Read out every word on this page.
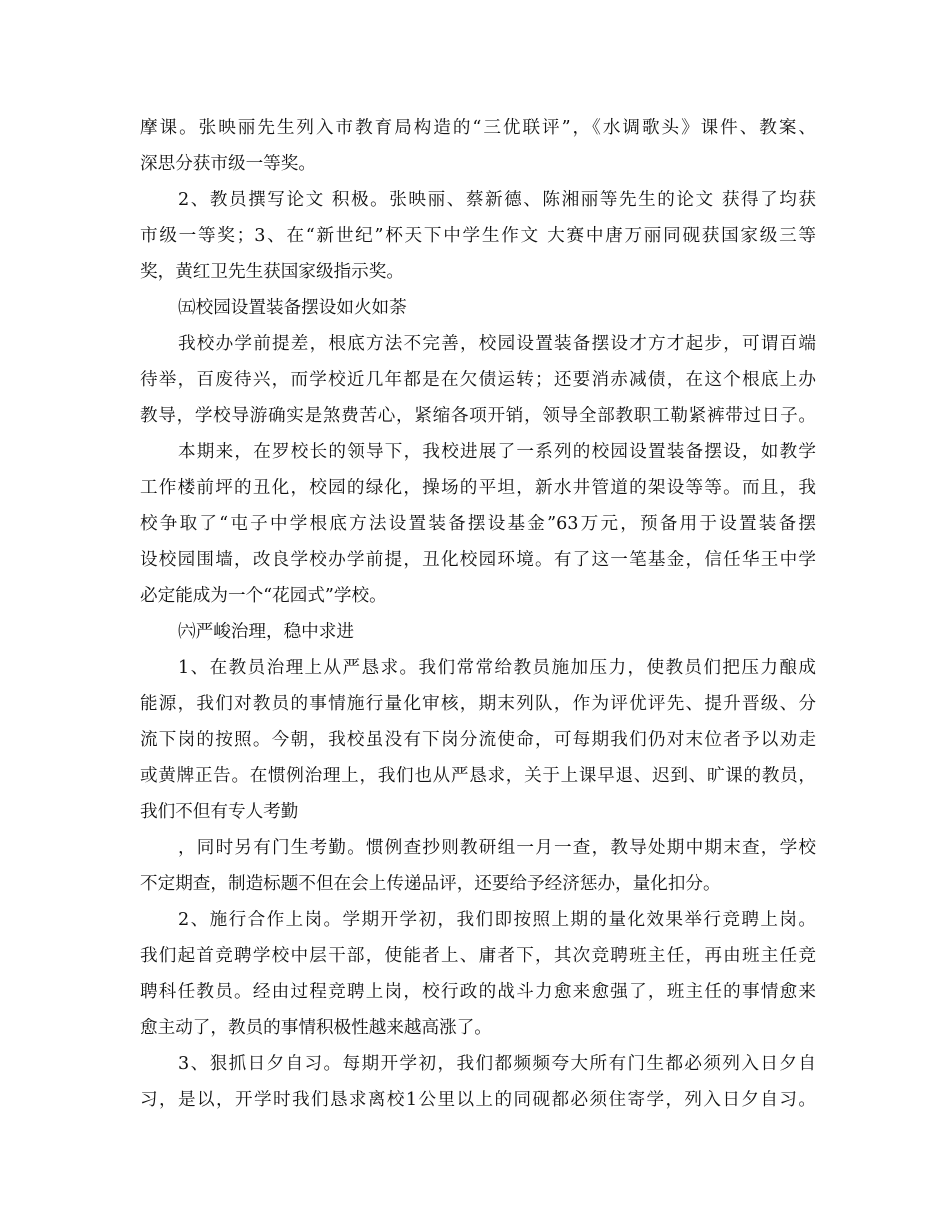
摩课。张映丽先生列入市教育局构造的“三优联评”，《水调歌头》课件、教案、
深思分获市级一等奖。
2、教员撰写论文 积极。张映丽、蔡新德、陈湘丽等先生的论文 获得了均获
市级一等奖；3、在“新世纪”杯天下中学生作文 大赛中唐万丽同砚获国家级三等
奖，黄红卫先生获国家级指示奖。
㈤校园设置装备摆设如火如荼
我校办学前提差，根底方法不完善，校园设置装备摆设才方才起步，可谓百端
待举，百废待兴，而学校近几年都是在欠债运转；还要消赤减债，在这个根底上办
教导，学校导游确实是煞费苦心，紧缩各项开销，领导全部教职工勒紧裤带过日子。
本期来，在罗校长的领导下，我校进展了一系列的校园设置装备摆设，如教学
工作楼前坪的丑化，校园的绿化，操场的平坦，新水井管道的架设等等。而且，我
校争取了“屯子中学根底方法设置装备摆设基金”63万元，预备用于设置装备摆
设校园围墙，改良学校办学前提，丑化校园环境。有了这一笔基金，信任华王中学
必定能成为一个“花园式”学校。
㈥严峻治理，稳中求进
1、在教员治理上从严恳求。我们常常给教员施加压力，使教员们把压力酿成
能源，我们对教员的事情施行量化审核，期末列队，作为评优评先、提升晋级、分
流下岗的按照。今朝，我校虽没有下岗分流使命，可每期我们仍对末位者予以劝走
或黄牌正告。在惯例治理上，我们也从严恳求，关于上课早退、迟到、旷课的教员，
我们不但有专人考勤
，同时另有门生考勤。惯例查抄则教研组一月一查，教导处期中期末查，学校
不定期查，制造标题不但在会上传递品评，还要给予经济惩办，量化扣分。
2、施行合作上岗。学期开学初，我们即按照上期的量化效果举行竞聘上岗。
我们起首竞聘学校中层干部，使能者上、庸者下，其次竞聘班主任，再由班主任竞
聘科任教员。经由过程竞聘上岗，校行政的战斗力愈来愈强了，班主任的事情愈来
愈主动了，教员的事情积极性越来越高涨了。
3、狠抓日夕自习。每期开学初，我们都频频夸大所有门生都必须列入日夕自
习，是以，开学时我们恳求离校1公里以上的同砚都必须住寄学，列入日夕自习。
